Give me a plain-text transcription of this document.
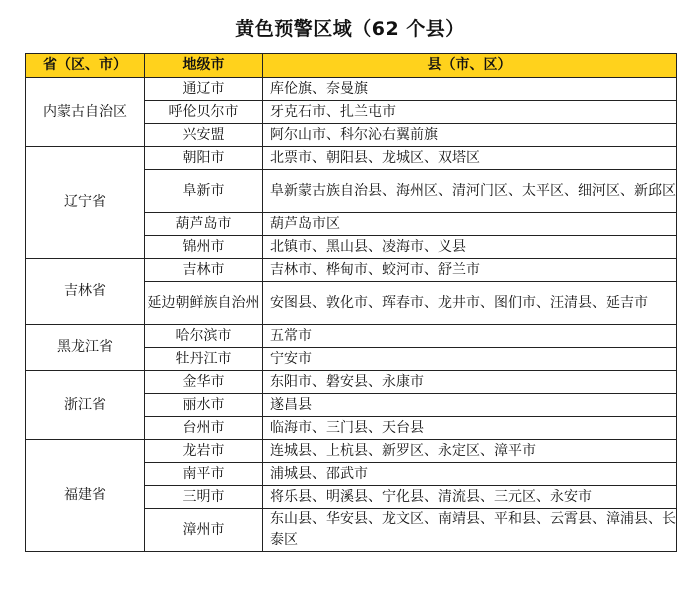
黄色预警区域（62 个县）
省（区、市）	地级市	县（市、区）
内蒙古自治区	通辽市	库伦旗、奈曼旗
	呼伦贝尔市	牙克石市、扎兰屯市
	兴安盟	阿尔山市、科尔沁右翼前旗
辽宁省	朝阳市	北票市、朝阳县、龙城区、双塔区
	阜新市	阜新蒙古族自治县、海州区、清河门区、太平区、细河区、新邱区
	葫芦岛市	葫芦岛市区
	锦州市	北镇市、黑山县、凌海市、义县
吉林省	吉林市	吉林市、桦甸市、蛟河市、舒兰市
	延边朝鲜族自治州	安图县、敦化市、珲春市、龙井市、图们市、汪清县、延吉市
黑龙江省	哈尔滨市	五常市
	牡丹江市	宁安市
浙江省	金华市	东阳市、磐安县、永康市
	丽水市	遂昌县
	台州市	临海市、三门县、天台县
福建省	龙岩市	连城县、上杭县、新罗区、永定区、漳平市
	南平市	浦城县、邵武市
	三明市	将乐县、明溪县、宁化县、清流县、三元区、永安市
	漳州市	东山县、华安县、龙文区、南靖县、平和县、云霄县、漳浦县、长泰区
